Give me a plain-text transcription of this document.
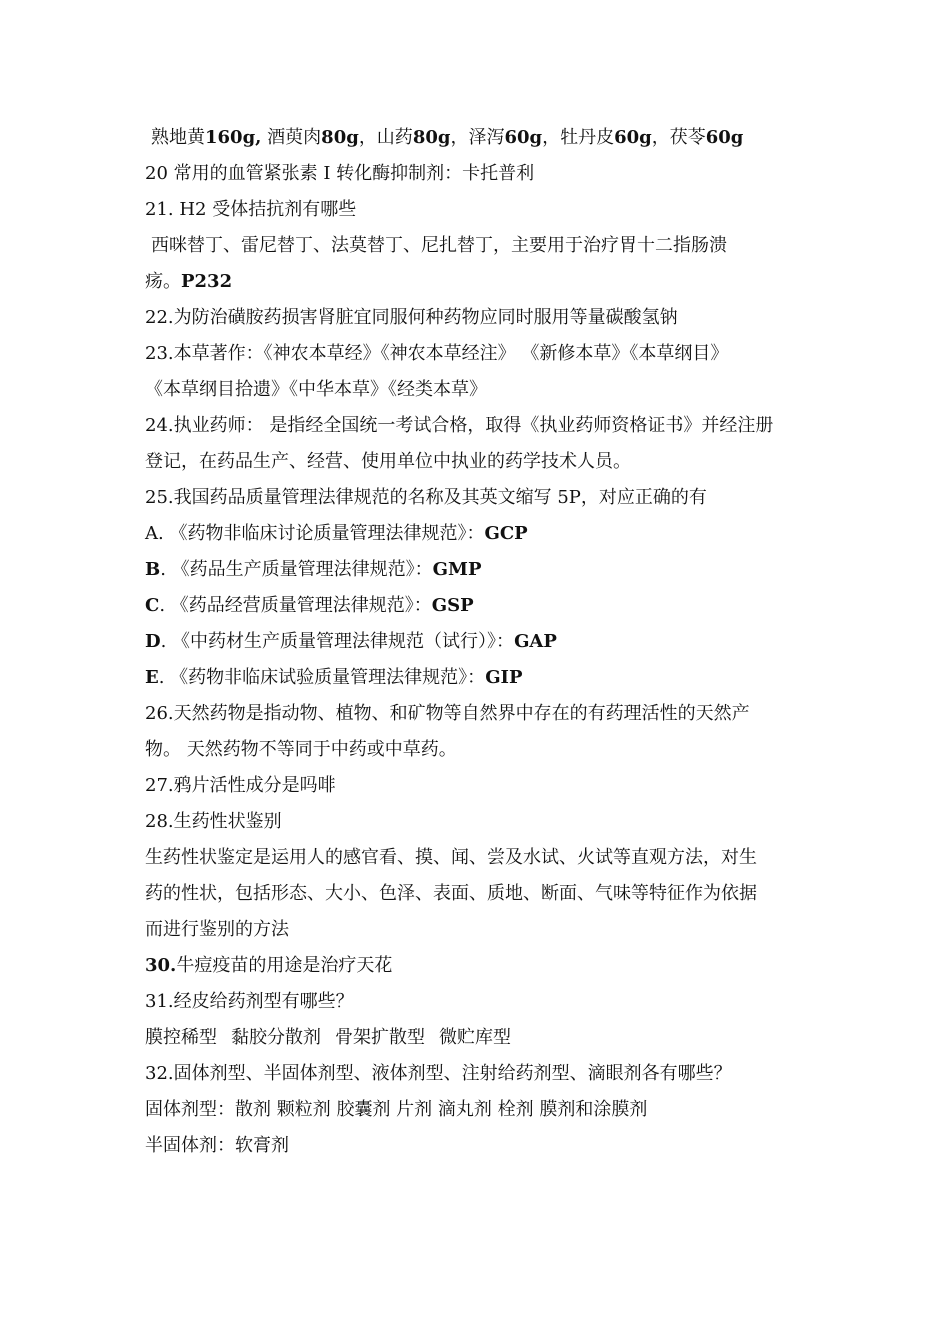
熟地黄160g, 酒萸肉80g，山药80g，泽泻60g，牡丹皮60g，茯苓60g
20 常用的血管紧张素 I 转化酶抑制剂：卡托普利
21. H2 受体拮抗剂有哪些
西咪替丁、雷尼替丁、法莫替丁、尼扎替丁，主要用于治疗胃十二指肠溃
疡。P232
22.为防治磺胺药损害肾脏宜同服何种药物应同时服用等量碳酸氢钠
23.本草著作：《神农本草经》《神农本草经注》 《新修本草》《本草纲目》
《本草纲目拾遗》《中华本草》《经类本草》
24.执业药师： 是指经全国统一考试合格，取得《执业药师资格证书》并经注册
登记，在药品生产、经营、使用单位中执业的药学技术人员。
25.我国药品质量管理法律规范的名称及其英文缩写 5P，对应正确的有
A. 《药物非临床讨论质量管理法律规范》：GCP
B. 《药品生产质量管理法律规范》：GMP
C. 《药品经营质量管理法律规范》：GSP
D. 《中药材生产质量管理法律规范（试行）》：GAP
E. 《药物非临床试验质量管理法律规范》：GIP
26.天然药物是指动物、植物、和矿物等自然界中存在的有药理活性的天然产
物。 天然药物不等同于中药或中草药。
27.鸦片活性成分是吗啡
28.生药性状鉴别
生药性状鉴定是运用人的感官看、摸、闻、尝及水试、火试等直观方法，对生
药的性状，包括形态、大小、色泽、表面、质地、断面、气味等特征作为依据
而进行鉴别的方法
30.牛痘疫苗的用途是治疗天花
31.经皮给药剂型有哪些？
膜控稀型 黏胶分散剂 骨架扩散型 微贮库型
32.固体剂型、半固体剂型、液体剂型、注射给药剂型、滴眼剂各有哪些？
固体剂型：散剂 颗粒剂 胶囊剂 片剂 滴丸剂 栓剂 膜剂和涂膜剂
半固体剂：软膏剂
